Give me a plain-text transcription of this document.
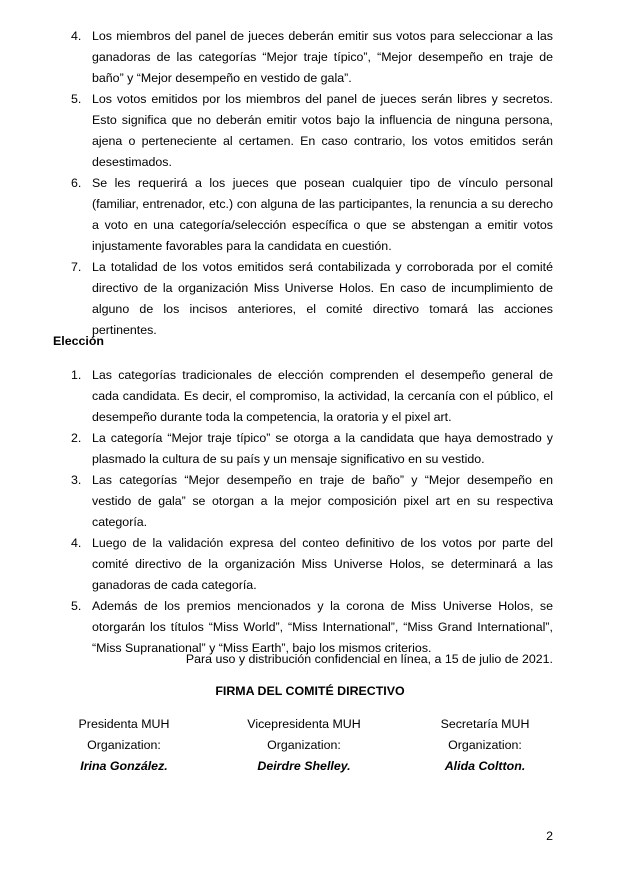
4. Los miembros del panel de jueces deberán emitir sus votos para seleccionar a las ganadoras de las categorías “Mejor traje típico”, “Mejor desempeño en traje de baño” y “Mejor desempeño en vestido de gala”.
5. Los votos emitidos por los miembros del panel de jueces serán libres y secretos. Esto significa que no deberán emitir votos bajo la influencia de ninguna persona, ajena o perteneciente al certamen. En caso contrario, los votos emitidos serán desestimados.
6. Se les requerirá a los jueces que posean cualquier tipo de vínculo personal (familiar, entrenador, etc.) con alguna de las participantes, la renuncia a su derecho a voto en una categoría/selección específica o que se abstengan a emitir votos injustamente favorables para la candidata en cuestión.
7. La totalidad de los votos emitidos será contabilizada y corroborada por el comité directivo de la organización Miss Universe Holos. En caso de incumplimiento de alguno de los incisos anteriores, el comité directivo tomará las acciones pertinentes.
Elección
1. Las categorías tradicionales de elección comprenden el desempeño general de cada candidata. Es decir, el compromiso, la actividad, la cercanía con el público, el desempeño durante toda la competencia, la oratoria y el pixel art.
2. La categoría “Mejor traje típico” se otorga a la candidata que haya demostrado y plasmado la cultura de su país y un mensaje significativo en su vestido.
3. Las categorías “Mejor desempeño en traje de baño” y “Mejor desempeño en vestido de gala” se otorgan a la mejor composición pixel art en su respectiva categoría.
4. Luego de la validación expresa del conteo definitivo de los votos por parte del comité directivo de la organización Miss Universe Holos, se determinará a las ganadoras de cada categoría.
5. Además de los premios mencionados y la corona de Miss Universe Holos, se otorgarán los títulos “Miss World”, “Miss International”, “Miss Grand International”, “Miss Supranational” y “Miss Earth”, bajo los mismos criterios.
Para uso y distribución confidencial en línea, a 15 de julio de 2021.
FIRMA DEL COMITÉ DIRECTIVO
Presidenta MUH
Organization:
Irina González.
Vicepresidenta MUH
Organization:
Deirdre Shelley.
Secretaría MUH
Organization:
Alida Coltton.
2
